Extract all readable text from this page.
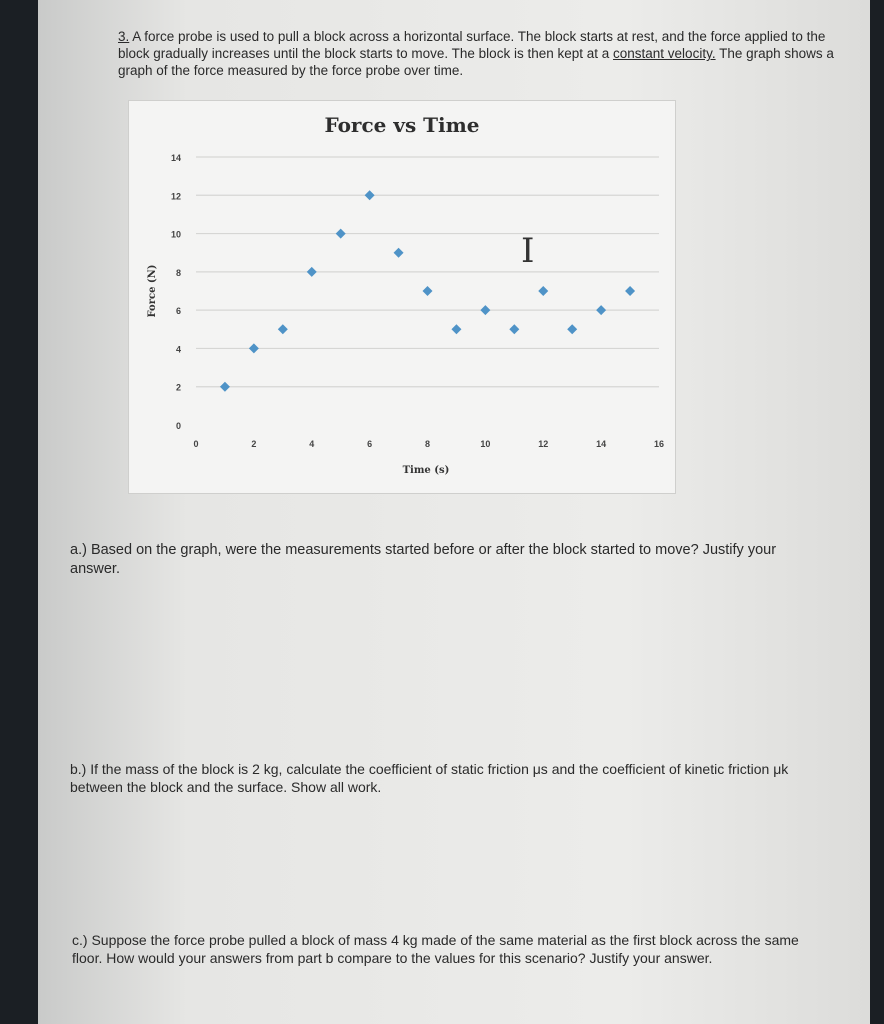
3. A force probe is used to pull a block across a horizontal surface. The block starts at rest, and the force applied to the block gradually increases until the block starts to move. The block is then kept at a constant velocity. The graph shows a graph of the force measured by the force probe over time.
0
2
4
6
8
10
12
14
0	2	4	6	8	10	12	14	16
Time (s)
Force (N)
Force vs Time
I
a.) Based on the graph, were the measurements started before or after the block started to move? Justify your answer.
b.) If the mass of the block is 2 kg, calculate the coefficient of static friction μs and the coefficient of kinetic friction μk between the block and the surface. Show all work.
c.) Suppose the force probe pulled a block of mass 4 kg made of the same material as the first block across the same floor. How would your answers from part b compare to the values for this scenario? Justify your answer.
